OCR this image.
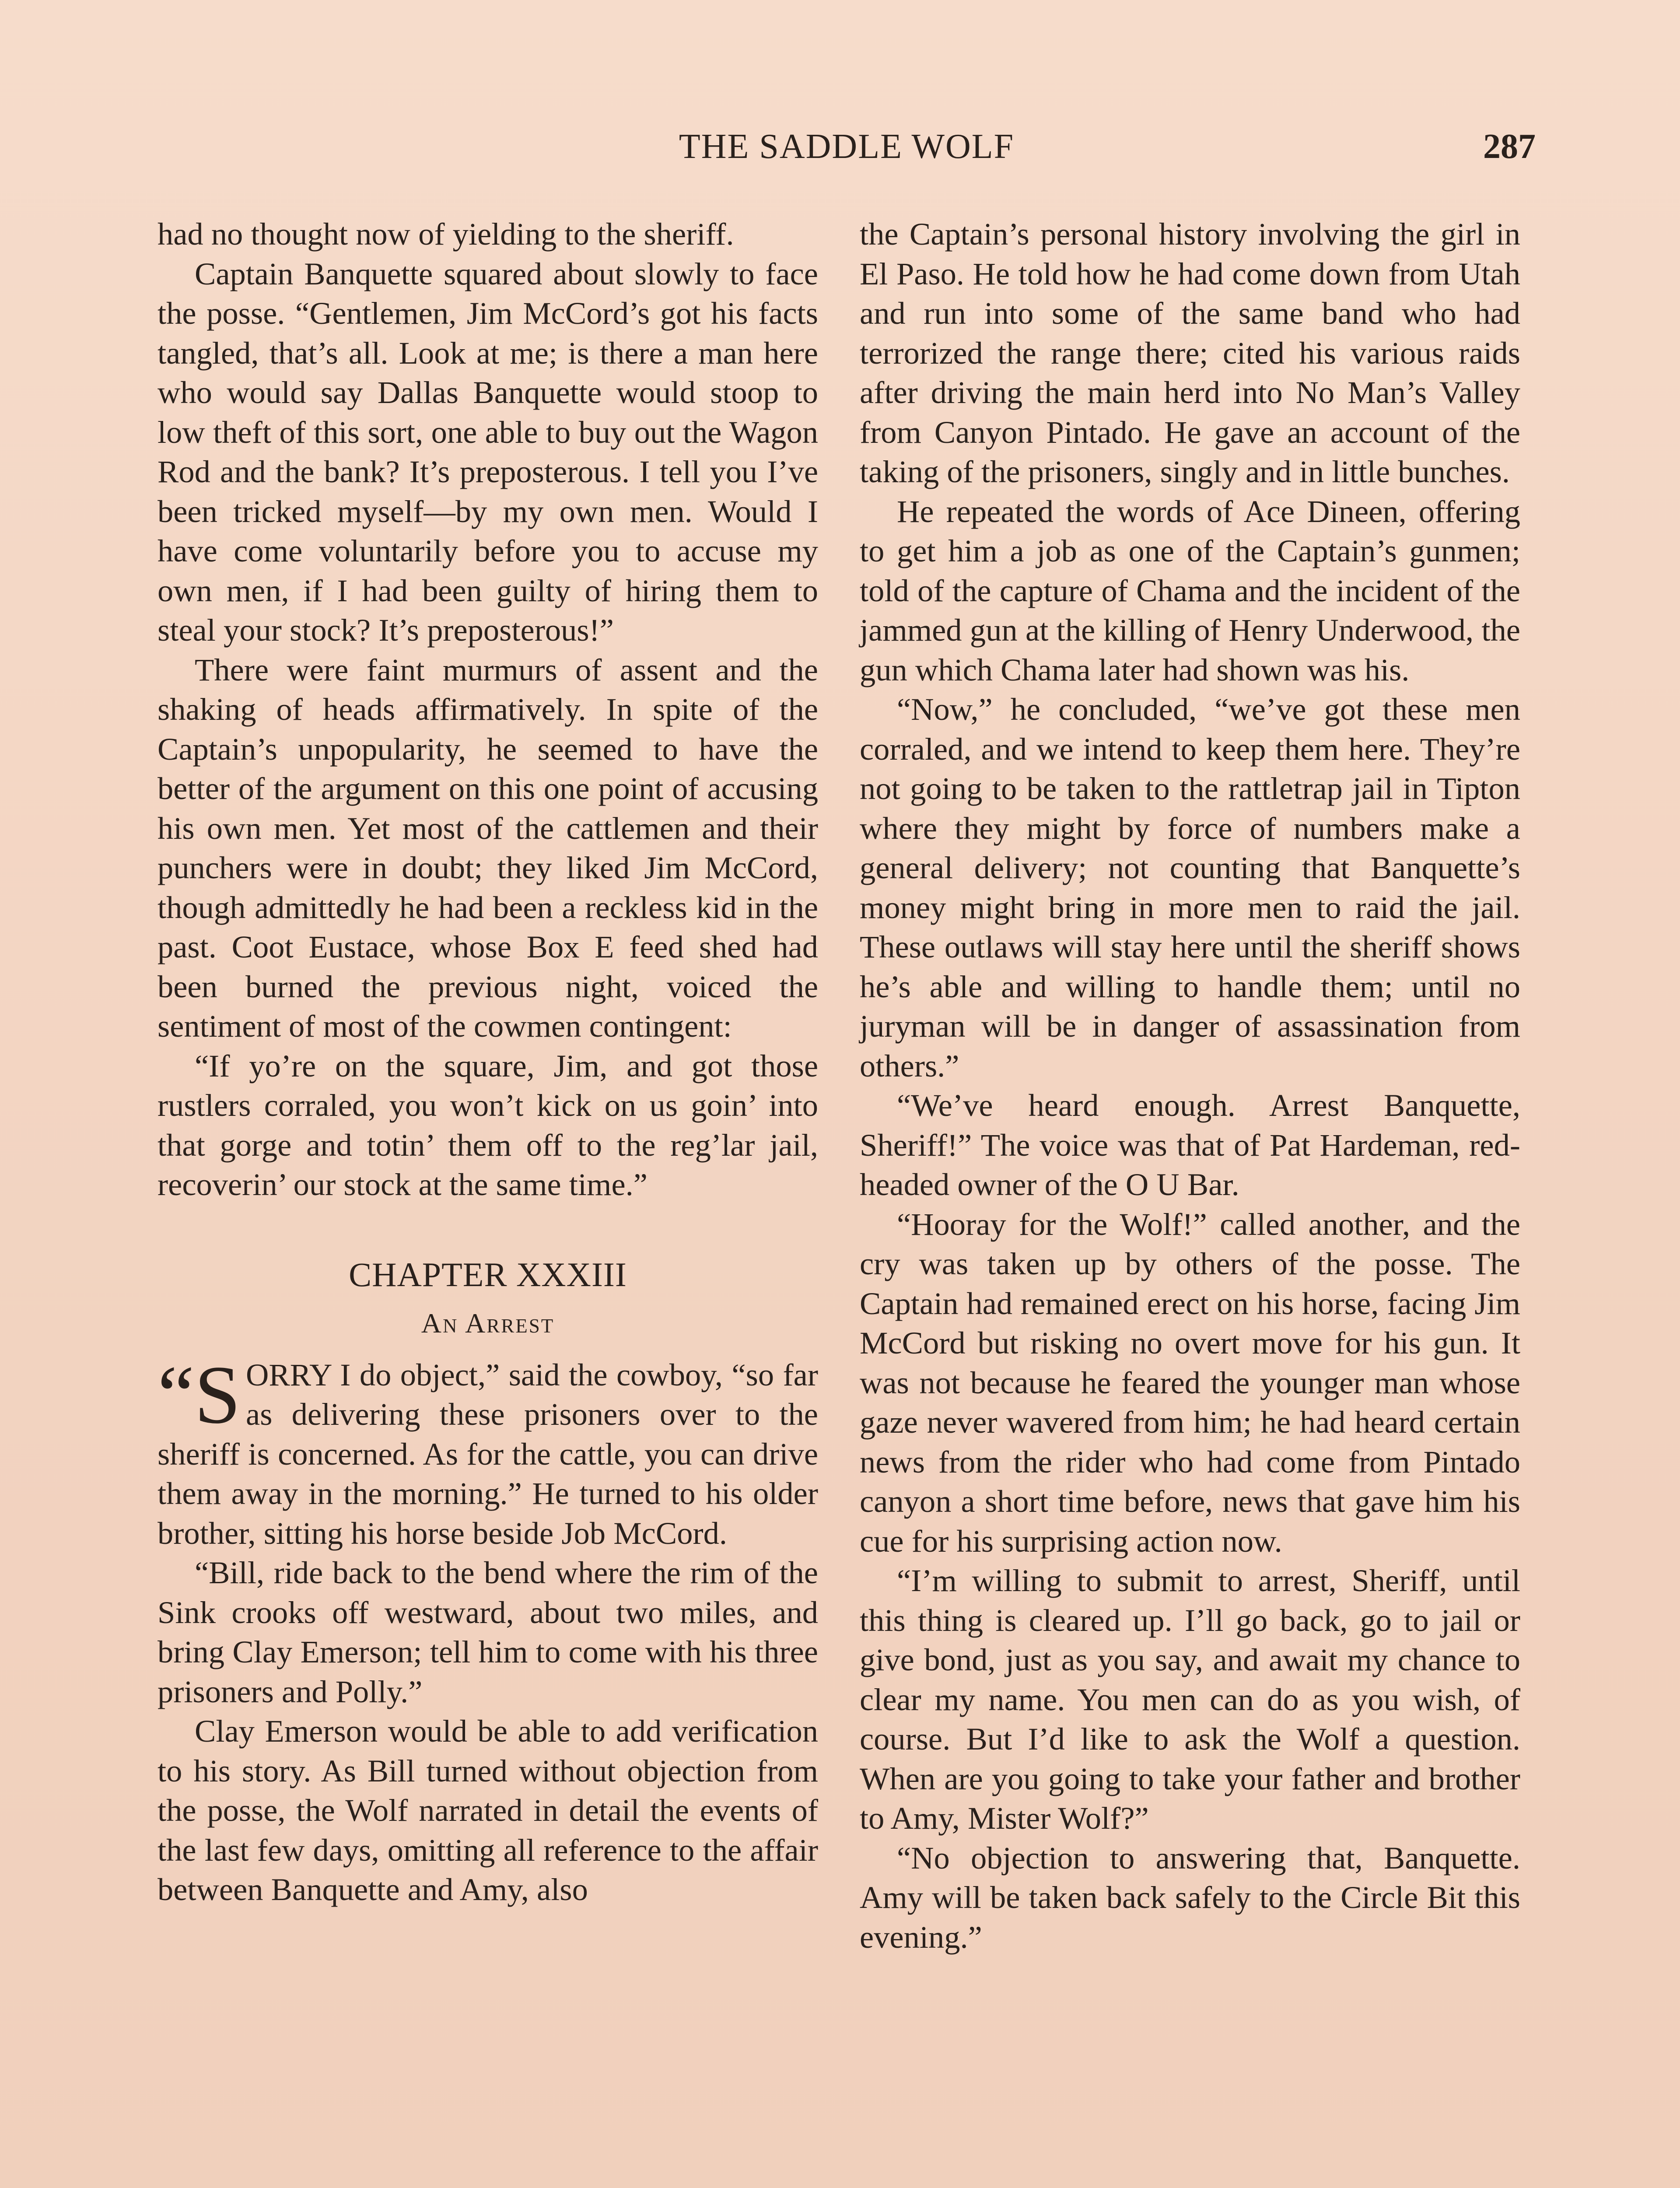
THE SADDLE WOLF	287

had no thought now of yielding to the sheriff.

Captain Banquette squared about slowly to face the posse. “Gentlemen, Jim McCord’s got his facts tangled, that’s all. Look at me; is there a man here who would say Dallas Banquette would stoop to low theft of this sort, one able to buy out the Wagon Rod and the bank? It’s preposterous. I tell you I’ve been tricked myself—by my own men. Would I have come voluntarily before you to accuse my own men, if I had been guilty of hiring them to steal your stock? It’s preposterous!”

There were faint murmurs of assent and the shaking of heads affirmatively. In spite of the Captain’s unpopularity, he seemed to have the better of the argument on this one point of accusing his own men. Yet most of the cattlemen and their punchers were in doubt; they liked Jim McCord, though admittedly he had been a reckless kid in the past. Coot Eustace, whose Box E feed shed had been burned the previous night, voiced the sentiment of most of the cowmen contingent:

“If yo’re on the square, Jim, and got those rustlers corraled, you won’t kick on us goin’ into that gorge and totin’ them off to the reg’lar jail, recoverin’ our stock at the same time.”

CHAPTER XXXIII
An Arrest

“S ORRY I do object,” said the cowboy, “so far as delivering these prisoners over to the sheriff is concerned. As for the cattle, you can drive them away in the morning.” He turned to his older brother, sitting his horse beside Job McCord.

“Bill, ride back to the bend where the rim of the Sink crooks off westward, about two miles, and bring Clay Emerson; tell him to come with his three prisoners and Polly.”

Clay Emerson would be able to add verification to his story. As Bill turned without objection from the posse, the Wolf narrated in detail the events of the last few days, omitting all reference to the affair between Banquette and Amy, also

the Captain’s personal history involving the girl in El Paso. He told how he had come down from Utah and run into some of the same band who had terrorized the range there; cited his various raids after driving the main herd into No Man’s Valley from Canyon Pintado. He gave an account of the taking of the prisoners, singly and in little bunches.

He repeated the words of Ace Dineen, offering to get him a job as one of the Captain’s gunmen; told of the capture of Chama and the incident of the jammed gun at the killing of Henry Underwood, the gun which Chama later had shown was his.

“Now,” he concluded, “we’ve got these men corraled, and we intend to keep them here. They’re not going to be taken to the rattletrap jail in Tipton where they might by force of numbers make a general delivery; not counting that Banquette’s money might bring in more men to raid the jail. These outlaws will stay here until the sheriff shows he’s able and willing to handle them; until no juryman will be in danger of assassination from others.”

“We’ve heard enough. Arrest Banquette, Sheriff!” The voice was that of Pat Hardeman, red-headed owner of the O U Bar.

“Hooray for the Wolf!” called another, and the cry was taken up by others of the posse. The Captain had remained erect on his horse, facing Jim McCord but risking no overt move for his gun. It was not because he feared the younger man whose gaze never wavered from him; he had heard certain news from the rider who had come from Pintado canyon a short time before, news that gave him his cue for his surprising action now.

“I’m willing to submit to arrest, Sheriff, until this thing is cleared up. I’ll go back, go to jail or give bond, just as you say, and await my chance to clear my name. You men can do as you wish, of course. But I’d like to ask the Wolf a question. When are you going to take your father and brother to Amy, Mister Wolf?”

“No objection to answering that, Banquette. Amy will be taken back safely to the Circle Bit this evening.”
